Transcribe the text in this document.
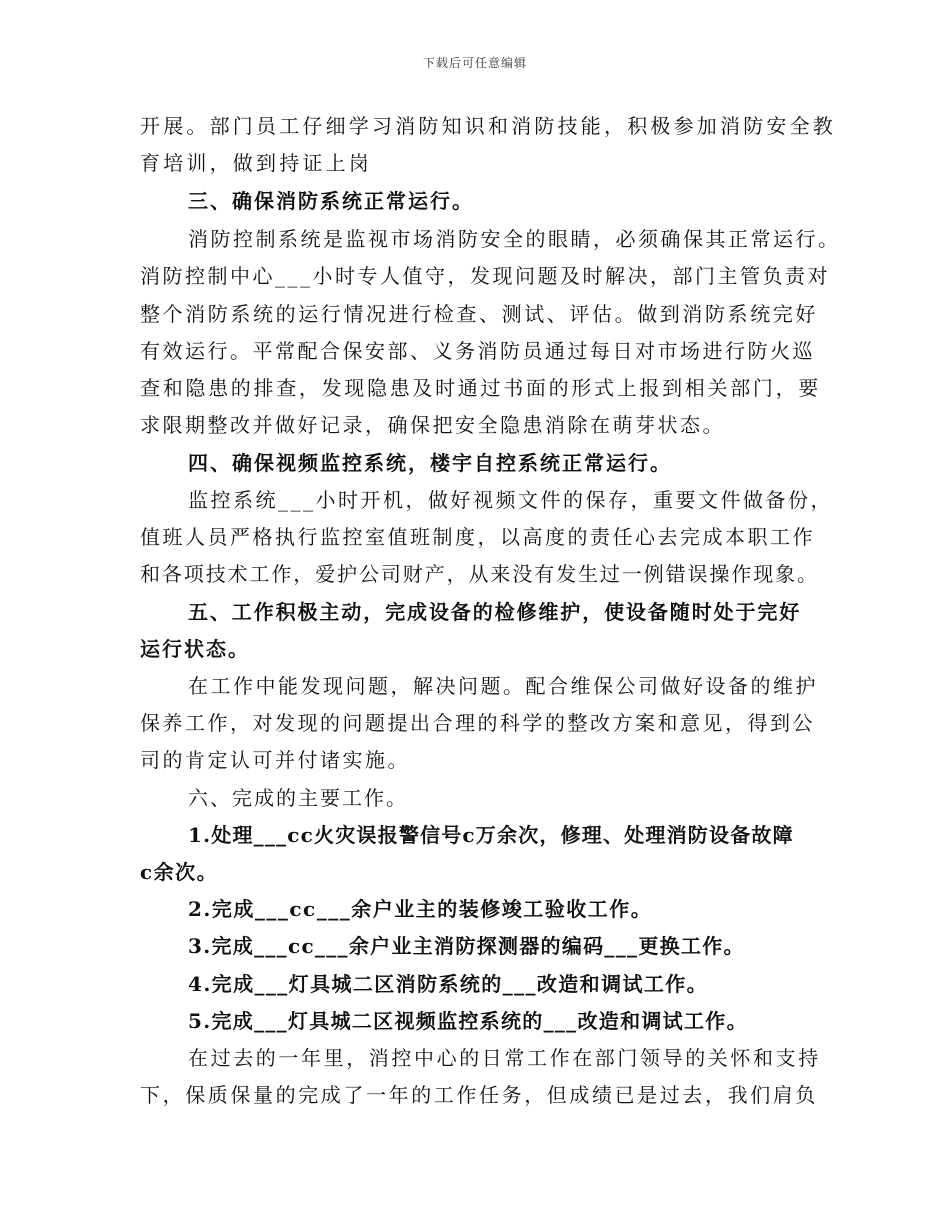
下载后可任意编辑
开展。部门员工仔细学习消防知识和消防技能，积极参加消防安全教
育培训，做到持证上岗
三、确保消防系统正常运行。
消防控制系统是监视市场消防安全的眼睛，必须确保其正常运行。
消防控制中心___小时专人值守，发现问题及时解决，部门主管负责对
整个消防系统的运行情况进行检查、测试、评估。做到消防系统完好
有效运行。平常配合保安部、义务消防员通过每日对市场进行防火巡
查和隐患的排查，发现隐患及时通过书面的形式上报到相关部门，要
求限期整改并做好记录，确保把安全隐患消除在萌芽状态。
四、确保视频监控系统，楼宇自控系统正常运行。
监控系统___小时开机，做好视频文件的保存，重要文件做备份，
值班人员严格执行监控室值班制度，以高度的责任心去完成本职工作
和各项技术工作，爱护公司财产，从来没有发生过一例错误操作现象。
五、工作积极主动，完成设备的检修维护，使设备随时处于完好
运行状态。
在工作中能发现问题，解决问题。配合维保公司做好设备的维护
保养工作，对发现的问题提出合理的科学的整改方案和意见，得到公
司的肯定认可并付诸实施。
六、完成的主要工作。
1.处理___cc火灾误报警信号c万余次，修理、处理消防设备故障
c余次。
2.完成___cc___余户业主的装修竣工验收工作。
3.完成___cc___余户业主消防探测器的编码___更换工作。
4.完成___灯具城二区消防系统的___改造和调试工作。
5.完成___灯具城二区视频监控系统的___改造和调试工作。
在过去的一年里，消控中心的日常工作在部门领导的关怀和支持
下，保质保量的完成了一年的工作任务，但成绩已是过去，我们肩负
